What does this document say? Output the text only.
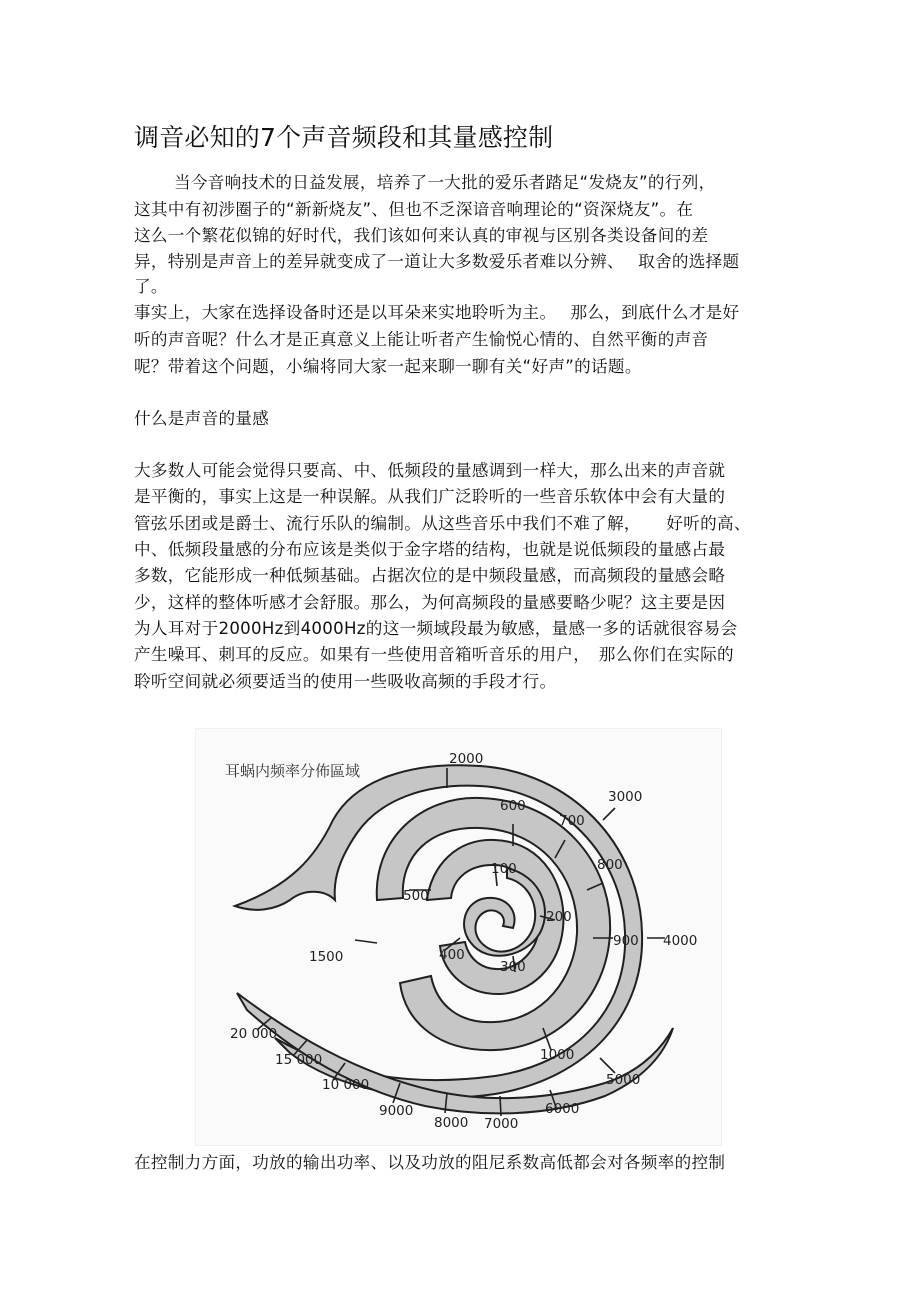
调音必知的7个声音频段和其量感控制
当今音响技术的日益发展，培养了一大批的爱乐者踏足“发烧友”的行列，
这其中有初涉圈子的“新新烧友”、但也不乏深谙音响理论的“资深烧友”。在
这么一个繁花似锦的好时代，我们该如何来认真的审视与区别各类设备间的差
异，特别是声音上的差异就变成了一道让大多数爱乐者难以分辨、　 取舍的选择题
了。
事实上，大家在选择设备时还是以耳朵来实地聆听为主。　 那么，到底什么才是好
听的声音呢？什么才是正真意义上能让听者产生愉悦心情的、自然平衡的声音
呢？带着这个问题，小编将同大家一起来聊一聊有关“好声”的话题。
什么是声音的量感
大多数人可能会觉得只要高、中、低频段的量感调到一样大，那么出来的声音就
是平衡的，事实上这是一种误解。从我们广泛聆听的一些音乐软体中会有大量的
管弦乐团或是爵士、流行乐队的编制。从这些音乐中我们不难了解，　　好听的高、
中、低频段量感的分布应该是类似于金字塔的结构，也就是说低频段的量感占最
多数，它能形成一种低频基础。占据次位的是中频段量感，而高频段的量感会略
少，这样的整体听感才会舒服。那么，为何高频段的量感要略少呢？这主要是因
为人耳对于2000Hz到4000Hz的这一频域段最为敏感，量感一多的话就很容易会
产生噪耳、刺耳的反应。如果有一些使用音箱听音乐的用户，　那么你们在实际的
聆听空间就必须要适当的使用一些吸收高频的手段才行。
耳蜗内频率分佈區域
100
200
300
400
500
600
700
800
900
1000
1500
2000
3000
4000
5000
6000
7000
8000
9000
10 000
15 000
20 000
在控制力方面，功放的输出功率、以及功放的阻尼系数高低都会对各频率的控制
